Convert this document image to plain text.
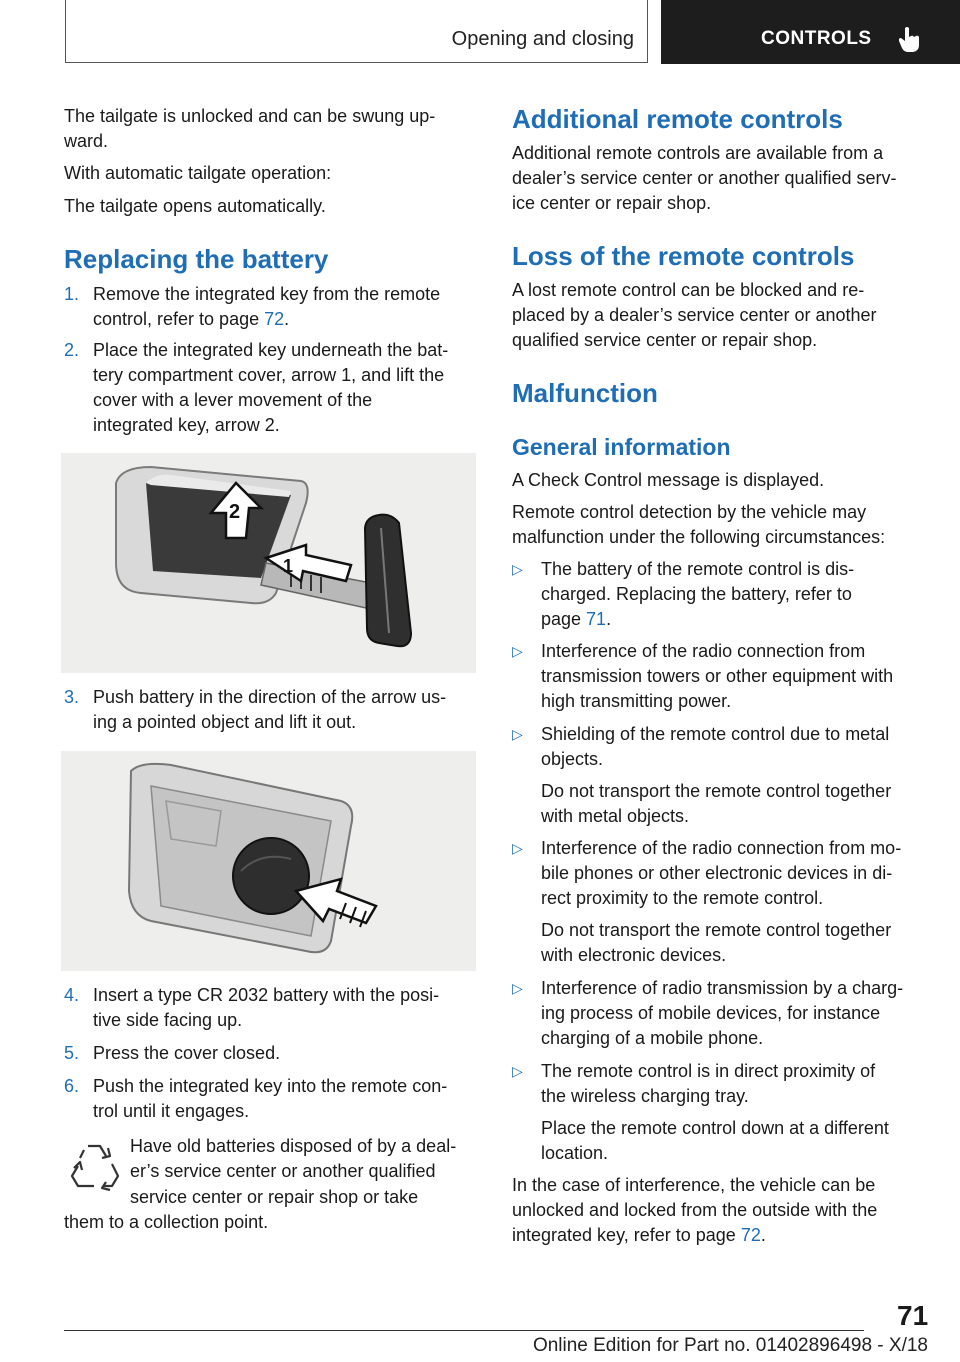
Opening and closing	CONTROLS

The tailgate is unlocked and can be swung up-

ward.

With automatic tailgate operation:

The tailgate opens automatically.

Replacing the battery
1. Remove the integrated key from the remote
control, refer to page 72.
2. Place the integrated key underneath the bat-
tery compartment cover, arrow 1, and lift the
cover with a lever movement of the
integrated key, arrow 2.
2
1
3. Push battery in the direction of the arrow us-
ing a pointed object and lift it out.
4. Insert a type CR 2032 battery with the posi-
tive side facing up.
5. Press the cover closed.
6. Push the integrated key into the remote con-
trol until it engages.

Have old batteries disposed of by a deal-

er’s service center or another qualified

service center or repair shop or take

them to a collection point.

Additional remote controls

Additional remote controls are available from a

dealer’s service center or another qualified serv-

ice center or repair shop.

Loss of the remote controls

A lost remote control can be blocked and re-

placed by a dealer’s service center or another

qualified service center or repair shop.

Malfunction
General information

A Check Control message is displayed.

Remote control detection by the vehicle may

malfunction under the following circumstances:

▷ The battery of the remote control is dis-
charged. Replacing the battery, refer to
page 71.
▷ Interference of the radio connection from
transmission towers or other equipment with
high transmitting power.
▷ Shielding of the remote control due to metal
objects.
Do not transport the remote control together
with metal objects.
▷ Interference of the radio connection from mo-
bile phones or other electronic devices in di-
rect proximity to the remote control.
Do not transport the remote control together
with electronic devices.
▷ Interference of radio transmission by a charg-
ing process of mobile devices, for instance
charging of a mobile phone.
▷ The remote control is in direct proximity of
the wireless charging tray.
Place the remote control down at a different
location.

In the case of interference, the vehicle can be

unlocked and locked from the outside with the

integrated key, refer to page 72.

71
Online Edition for Part no. 01402896498 - X/18
